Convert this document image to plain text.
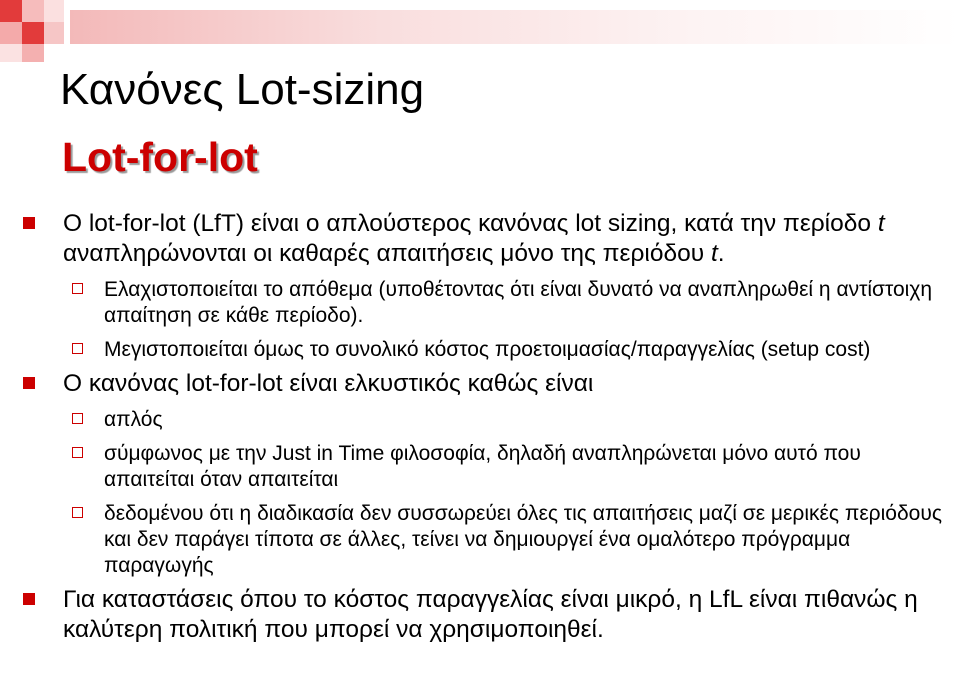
Κανόνες Lot-sizing
Lot-for-lot
Ο lot-for-lot (LfT) είναι ο απλούστερος κανόνας lot sizing, κατά την περίοδο t αναπληρώνονται οι καθαρές απαιτήσεις μόνο της περιόδου t.
Ελαχιστοποιείται το απόθεμα (υποθέτοντας ότι είναι δυνατό να αναπληρωθεί η αντίστοιχη απαίτηση σε κάθε περίοδο).
Μεγιστοποιείται όμως το συνολικό κόστος προετοιμασίας/παραγγελίας (setup cost)
Ο κανόνας lot-for-lot είναι ελκυστικός καθώς είναι
απλός
σύμφωνος με την Just in Time φιλοσοφία, δηλαδή αναπληρώνεται μόνο αυτό που απαιτείται όταν απαιτείται
δεδομένου ότι η διαδικασία δεν συσσωρεύει όλες τις απαιτήσεις μαζί σε μερικές περιόδους και δεν παράγει τίποτα σε άλλες, τείνει να δημιουργεί ένα ομαλότερο πρόγραμμα παραγωγής
Για καταστάσεις όπου το κόστος παραγγελίας είναι μικρό, η LfL είναι πιθανώς η καλύτερη πολιτική που μπορεί να χρησιμοποιηθεί.
